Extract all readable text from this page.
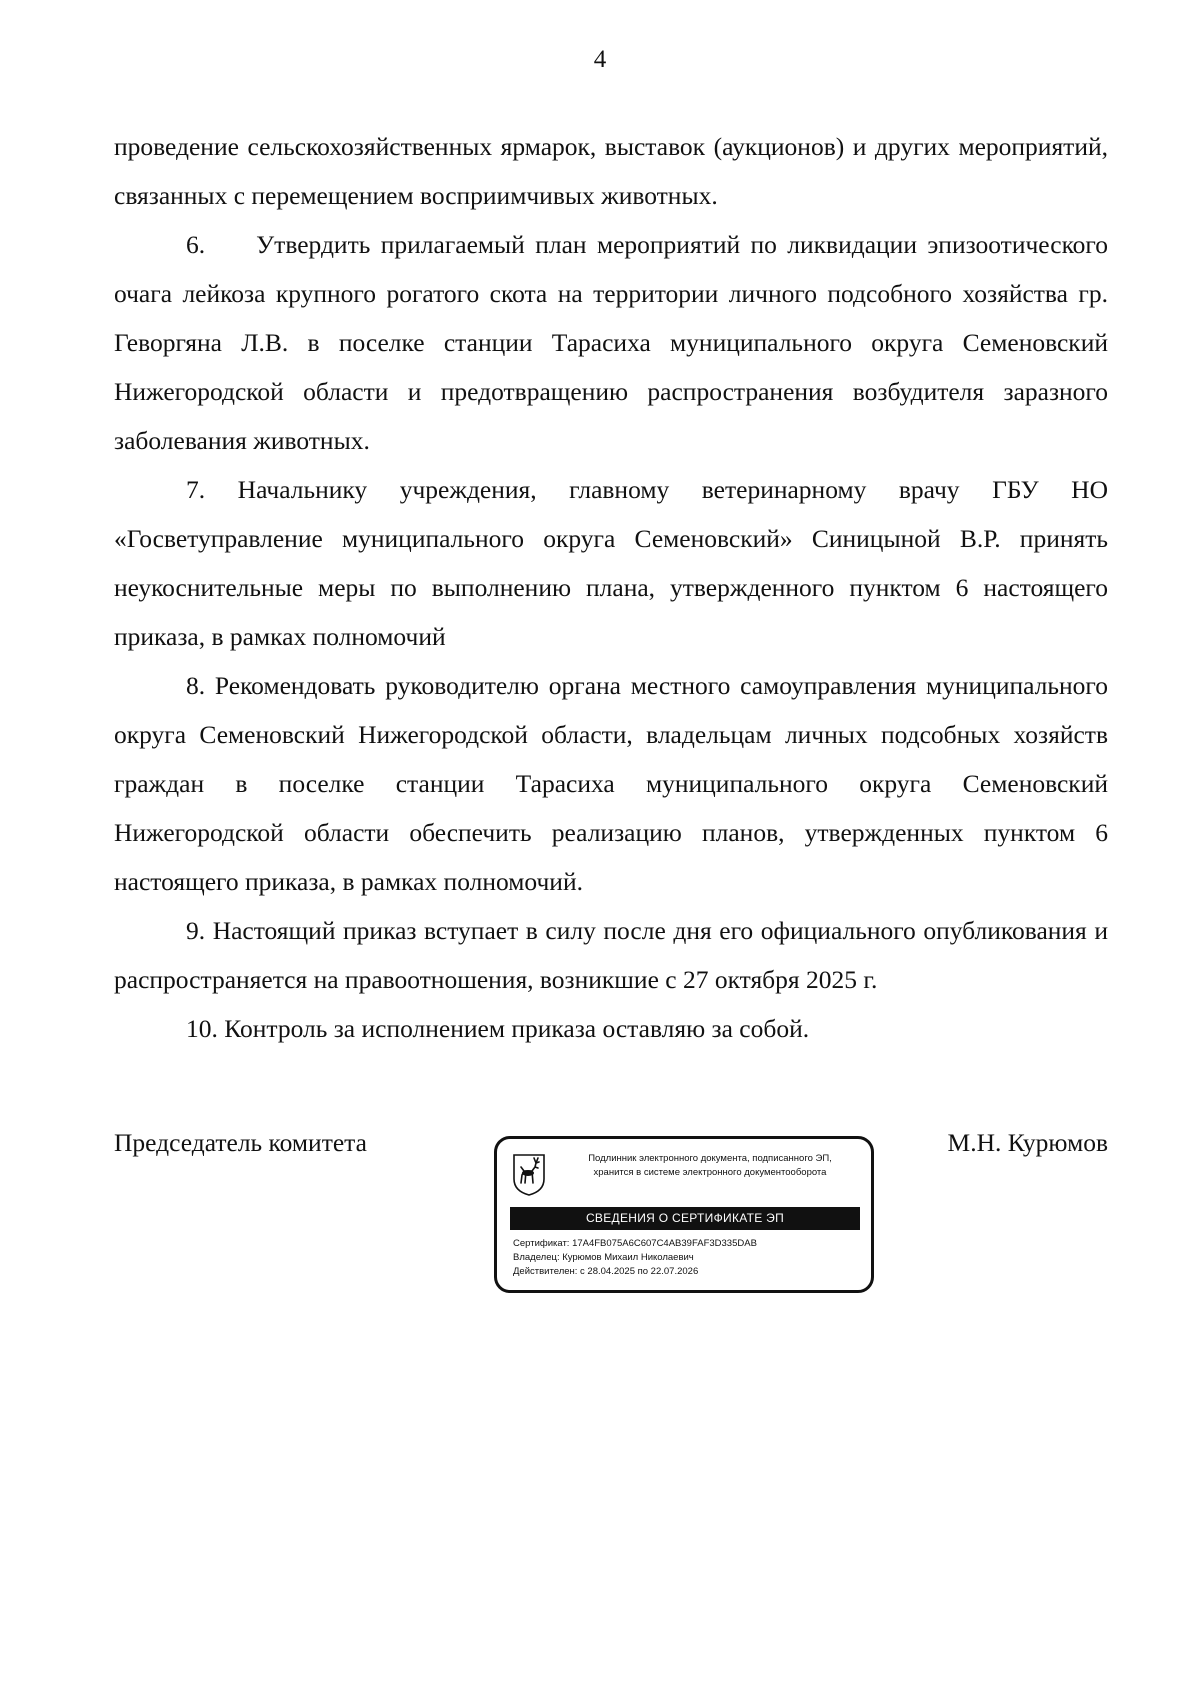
4

проведение сельскохозяйственных ярмарок, выставок (аукционов) и других мероприятий, связанных с перемещением восприимчивых животных.

6.  Утвердить прилагаемый план мероприятий по ликвидации эпизоотического очага лейкоза крупного рогатого скота на территории личного подсобного хозяйства гр. Геворгяна Л.В. в поселке станции Тарасиха муниципального округа Семеновский Нижегородской области и предотвращению распространения возбудителя заразного заболевания животных.

7. Начальнику учреждения, главному ветеринарному врачу ГБУ НО «Госветуправление муниципального округа Семеновский» Синицыной В.Р. принять неукоснительные меры по выполнению плана, утвержденного пунктом 6 настоящего приказа, в рамках полномочий

8. Рекомендовать руководителю органа местного самоуправления муниципального округа Семеновский Нижегородской области, владельцам личных подсобных хозяйств граждан в поселке станции Тарасиха муниципального округа Семеновский Нижегородской области обеспечить реализацию планов, утвержденных пунктом 6 настоящего приказа, в рамках полномочий.

9. Настоящий приказ вступает в силу после дня его официального опубликования и распространяется на правоотношения, возникшие с 27 октября 2025 г.

10. Контроль за исполнением приказа оставляю за собой.

Председатель комитета	М.Н. Курюмов
Подлинник электронного документа, подписанного ЭП,
хранится в системе электронного документооборота
СВЕДЕНИЯ О СЕРТИФИКАТЕ ЭП
Сертификат: 17A4FB075A6C607C4AB39FAF3D335DAB
Владелец: Курюмов Михаил Николаевич
Действителен: с 28.04.2025 по 22.07.2026
